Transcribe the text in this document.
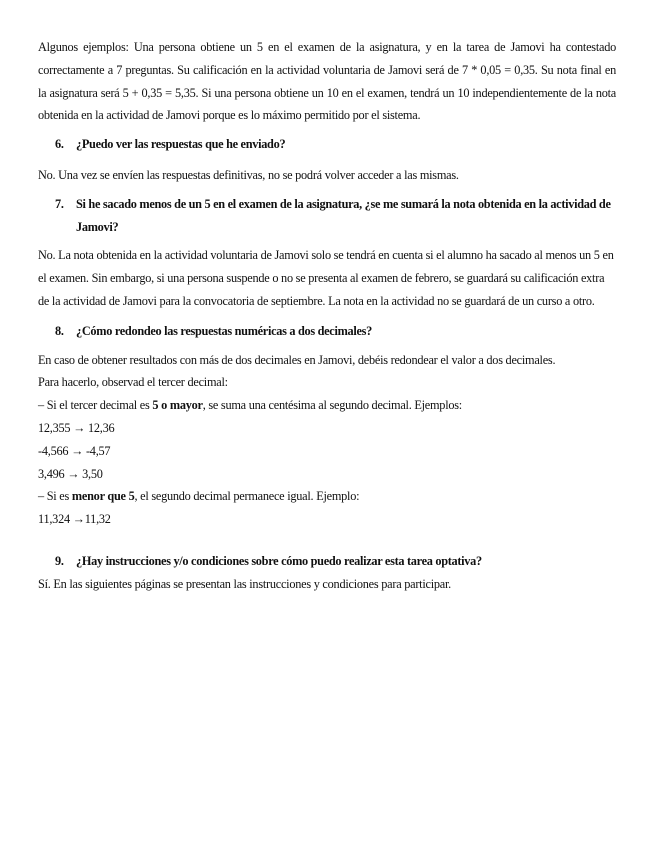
Algunos ejemplos: Una persona obtiene un 5 en el examen de la asignatura, y en la tarea de Jamovi ha contestado correctamente a 7 preguntas. Su calificación en la actividad voluntaria de Jamovi será de 7 * 0,05 = 0,35. Su nota final en la asignatura será 5 + 0,35 = 5,35. Si una persona obtiene un 10 en el examen, tendrá un 10 independientemente de la nota obtenida en la actividad de Jamovi porque es lo máximo permitido por el sistema.

6.	¿Puedo ver las respuestas que he enviado?

No. Una vez se envíen las respuestas definitivas, no se podrá volver acceder a las mismas.

7.	Si he sacado menos de un 5 en el examen de la asignatura, ¿se me sumará la nota obtenida en la actividad de Jamovi?

No. La nota obtenida en la actividad voluntaria de Jamovi solo se tendrá en cuenta si el alumno ha sacado al menos un 5 en el examen. Sin embargo, si una persona suspende o no se presenta al examen de febrero, se guardará su calificación extra de la actividad de Jamovi para la convocatoria de septiembre. La nota en la actividad no se guardará de un curso a otro.

8.	¿Cómo redondeo las respuestas numéricas a dos decimales?

En caso de obtener resultados con más de dos decimales en Jamovi, debéis redondear el valor a dos decimales.

Para hacerlo, observad el tercer decimal:

– Si el tercer decimal es 5 o mayor, se suma una centésima al segundo decimal. Ejemplos:

12,355 → 12,36

-4,566 → -4,57

3,496 → 3,50

– Si es menor que 5, el segundo decimal permanece igual. Ejemplo:

11,324 →11,32

9.	¿Hay instrucciones y/o condiciones sobre cómo puedo realizar esta tarea optativa?

Sí. En las siguientes páginas se presentan las instrucciones y condiciones para participar.
